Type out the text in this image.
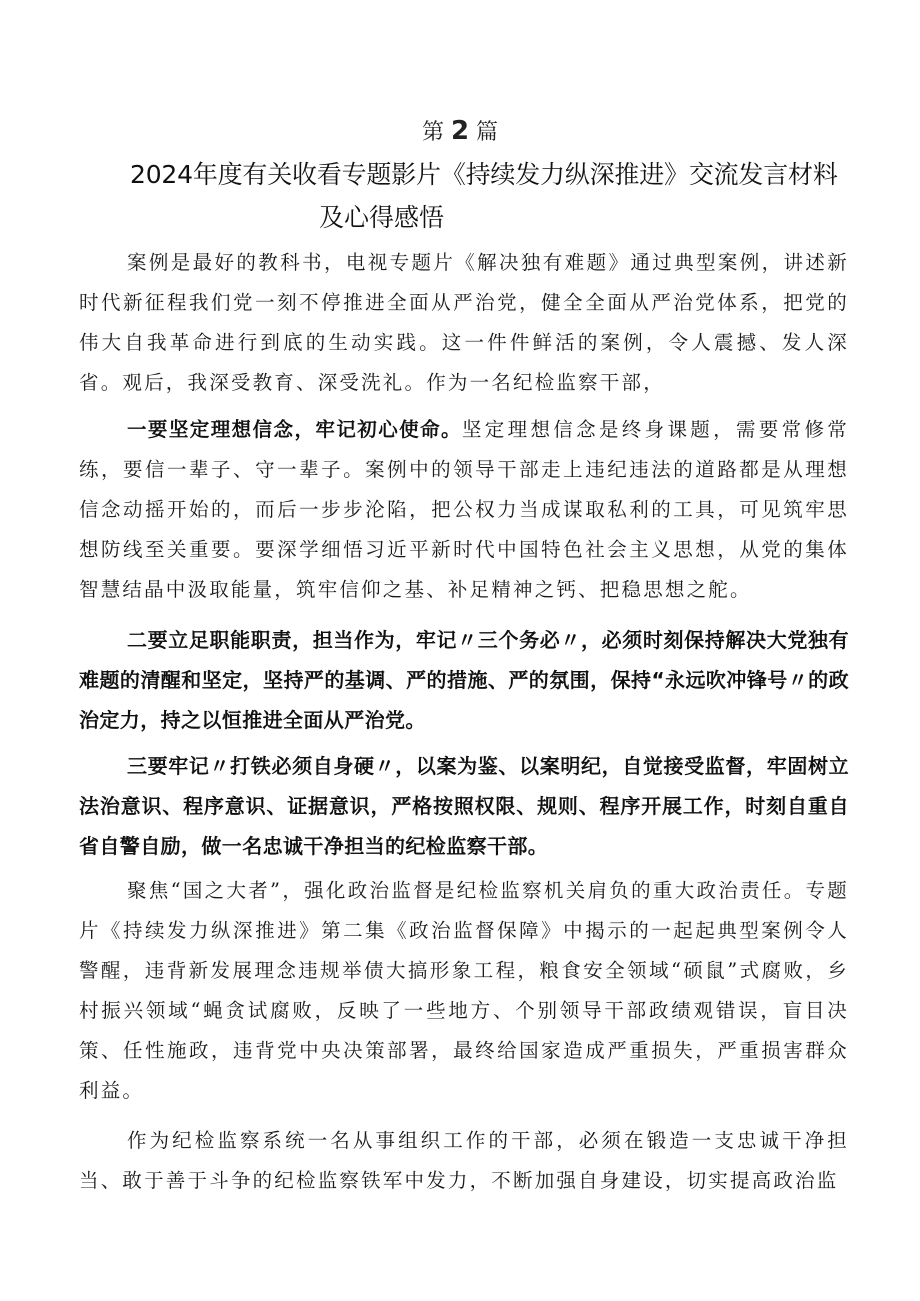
第 2 篇
2024年度有关收看专题影片《持续发力纵深推进》交流发言材料
及心得感悟

案例是最好的教科书，电视专题片《解决独有难题》通过典型案例，讲述新时代新征程我们党一刻不停推进全面从严治党，健全全面从严治党体系，把党的伟大自我革命进行到底的生动实践。这一件件鲜活的案例，令人震撼、发人深省。观后，我深受教育、深受洗礼。作为一名纪检监察干部，

一要坚定理想信念，牢记初心使命。坚定理想信念是终身课题，需要常修常练，要信一辈子、守一辈子。案例中的领导干部走上违纪违法的道路都是从理想信念动摇开始的，而后一步步沦陷，把公权力当成谋取私利的工具，可见筑牢思想防线至关重要。要深学细悟习近平新时代中国特色社会主义思想，从党的集体智慧结晶中汲取能量，筑牢信仰之基、补足精神之钙、把稳思想之舵。

二要立足职能职责，担当作为，牢记〃三个务必〃，必须时刻保持解决大党独有难题的清醒和坚定，坚持严的基调、严的措施、严的氛围，保持“永远吹冲锋号〃的政治定力，持之以恒推进全面从严治党。

三要牢记〃打铁必须自身硬〃，以案为鉴、以案明纪，自觉接受监督，牢固树立法治意识、程序意识、证据意识，严格按照权限、规则、程序开展工作，时刻自重自省自警自励，做一名忠诚干净担当的纪检监察干部。

聚焦“国之大者”，强化政治监督是纪检监察机关肩负的重大政治责任。专题片《持续发力纵深推进》第二集《政治监督保障》中揭示的一起起典型案例令人警醒，违背新发展理念违规举债大搞形象工程，粮食安全领域“硕鼠”式腐败，乡村振兴领域“蝇贪试腐败，反映了一些地方、个别领导干部政绩观错误，盲目决策、任性施政，违背党中央决策部署，最终给国家造成严重损失，严重损害群众利益。

作为纪检监察系统一名从事组织工作的干部，必须在锻造一支忠诚干净担当、敢于善于斗争的纪检监察铁军中发力，不断加强自身建设，切实提高政治监
